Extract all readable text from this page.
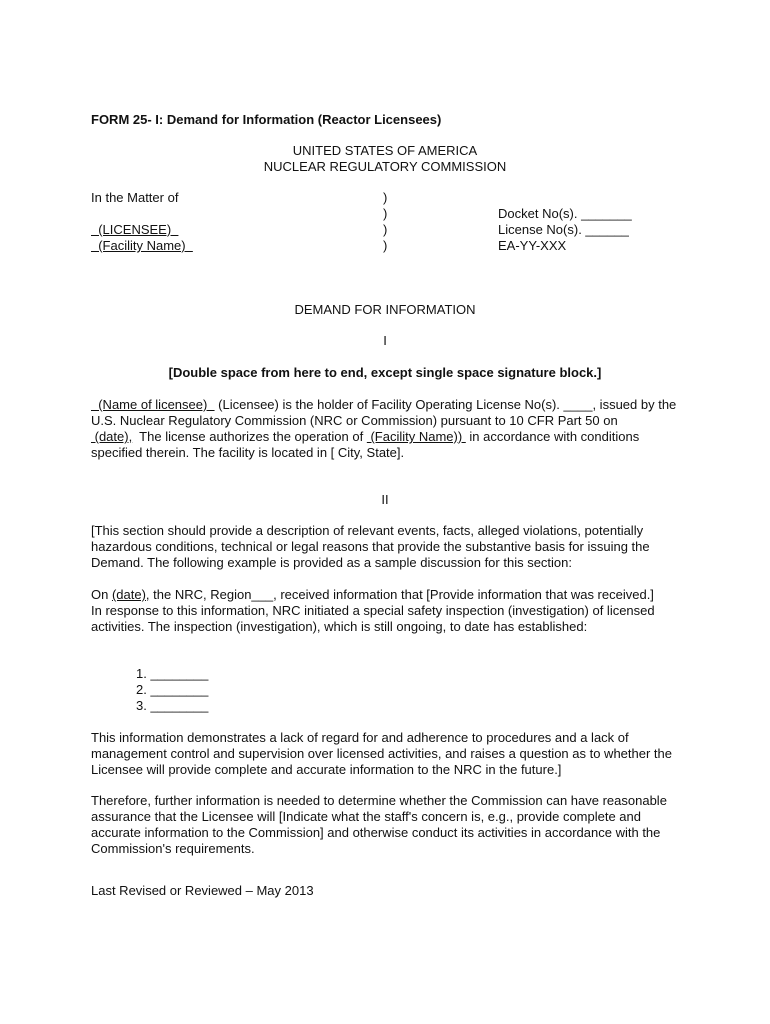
FORM 25- I: Demand for Information (Reactor Licensees)
UNITED STATES OF AMERICA
NUCLEAR REGULATORY COMMISSION
In the Matter of
(LICENSEE)
(Facility Name)
)
)
)
)
Docket No(s). _______
License No(s). ______
EA-YY-XXX
DEMAND FOR INFORMATION
I
[Double space from here to end, except single space signature block.]

(Name of licensee)   (Licensee) is the holder of Facility Operating License No(s). ____, issued by the U.S. Nuclear Regulatory Commission (NRC or Commission) pursuant to 10 CFR Part 50 on

(date),  The license authorizes the operation of  (Facility Name))  in accordance with conditions specified therein. The facility is located in [ City, State].

II
[This section should provide a description of relevant events, facts, alleged violations, potentially hazardous conditions, technical or legal reasons that provide the substantive basis for issuing the Demand. The following example is provided as a sample discussion for this section:
On (date), the NRC, Region___, received information that [Provide information that was received.] In response to this information, NRC initiated a special safety inspection (investigation) of licensed activities. The inspection (investigation), which is still ongoing, to date has established:
1. ________
2. ________
3. ________
This information demonstrates a lack of regard for and adherence to procedures and a lack of management control and supervision over licensed activities, and raises a question as to whether the Licensee will provide complete and accurate information to the NRC in the future.]
Therefore, further information is needed to determine whether the Commission can have reasonable assurance that the Licensee will [Indicate what the staff's concern is, e.g., provide complete and accurate information to the Commission] and otherwise conduct its activities in accordance with the Commission's requirements.
Last Revised or Reviewed – May 2013
